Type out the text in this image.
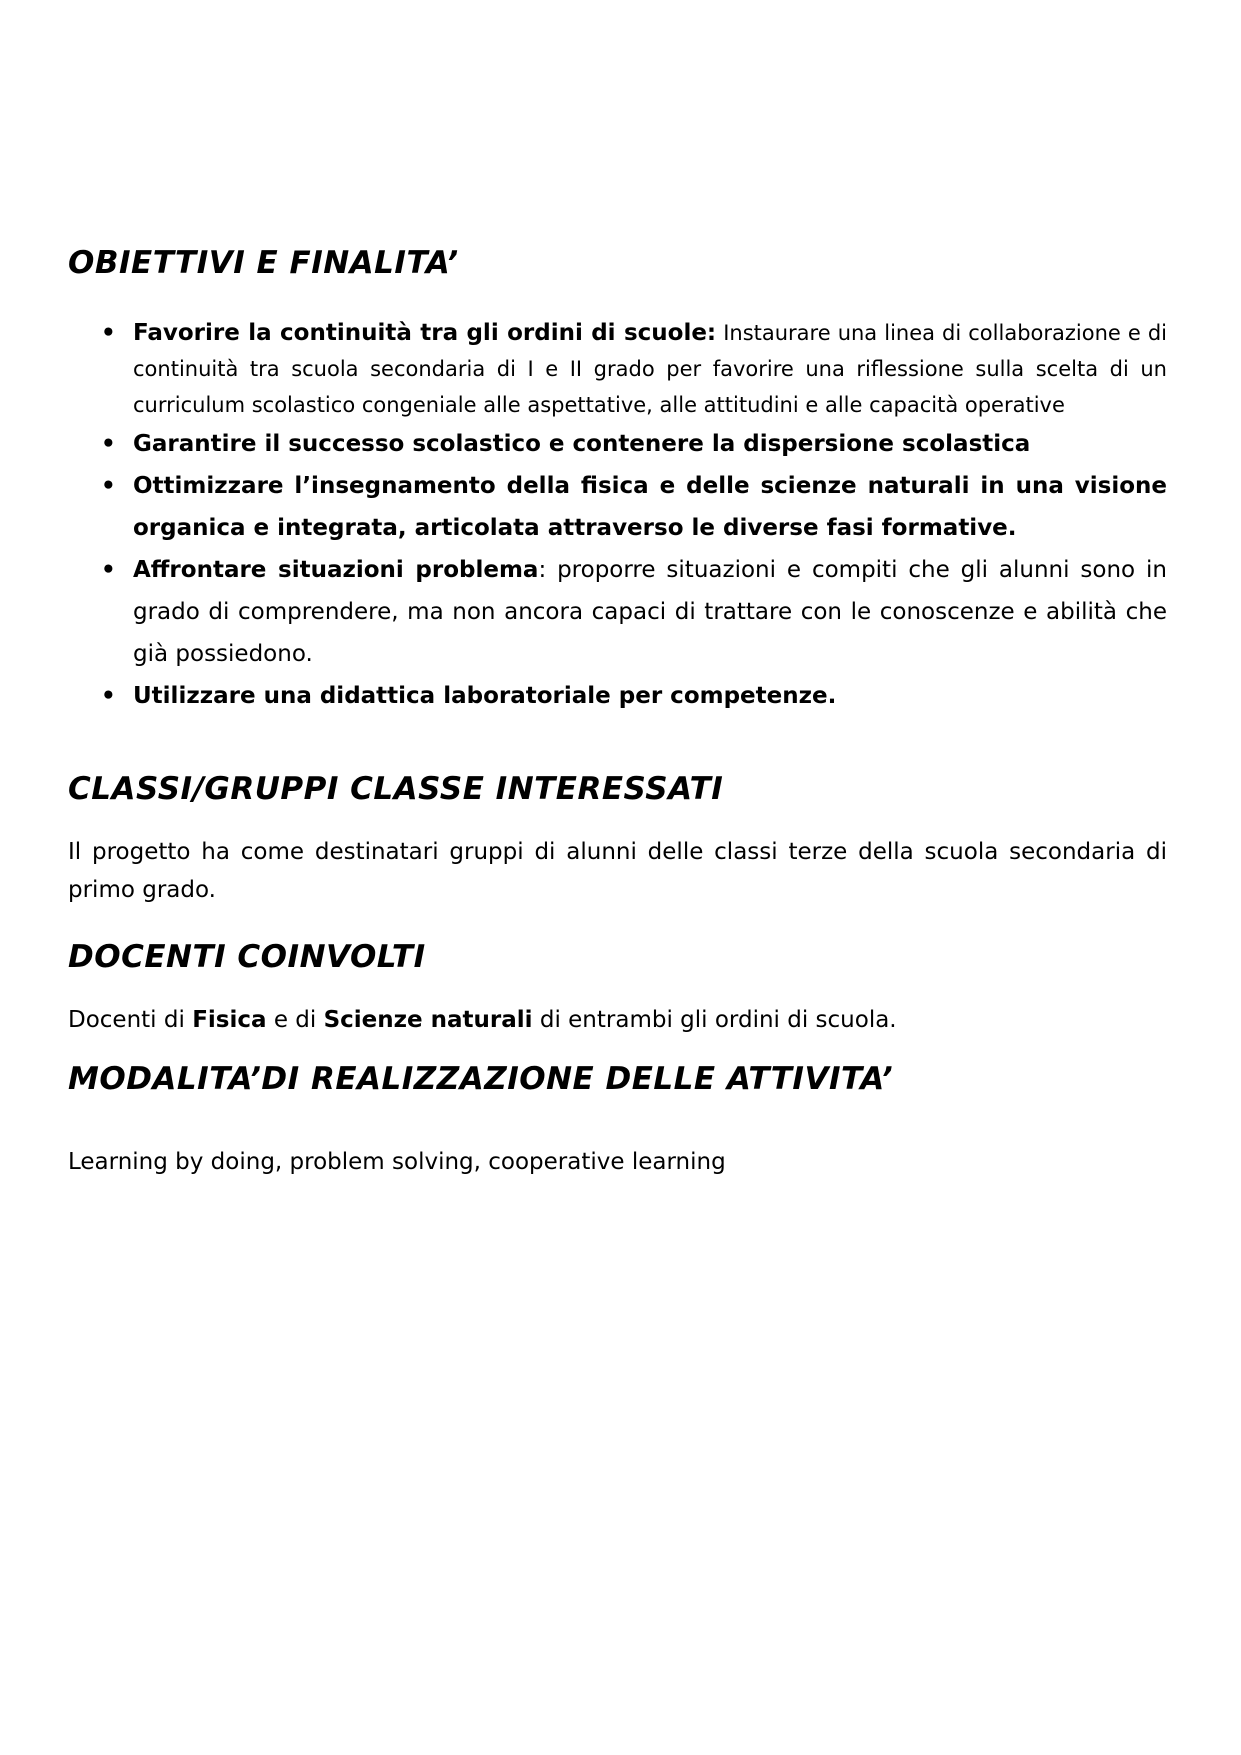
OBIETTIVI E FINALITA’
• Favorire la continuità tra gli ordini di scuole: Instaurare una linea di collaborazione e di continuità tra scuola secondaria di I e II grado per favorire una riflessione sulla scelta di un curriculum scolastico congeniale alle aspettative, alle attitudini e alle capacità operative
• Garantire il successo scolastico e contenere la dispersione scolastica
• Ottimizzare l’insegnamento della fisica e delle scienze naturali in una visione organica e integrata, articolata attraverso le diverse fasi formative.
• Affrontare situazioni problema: proporre situazioni e compiti che gli alunni sono in grado di comprendere, ma non ancora capaci di trattare con le conoscenze e abilità che già possiedono.
• Utilizzare una didattica laboratoriale per competenze.
CLASSI/GRUPPI CLASSE INTERESSATI

Il progetto ha come destinatari gruppi di alunni delle classi terze della scuola secondaria di primo grado.

DOCENTI COINVOLTI

Docenti di Fisica e di Scienze naturali di entrambi gli ordini di scuola.

MODALITA’DI REALIZZAZIONE DELLE ATTIVITA’

Learning by doing, problem solving, cooperative learning
